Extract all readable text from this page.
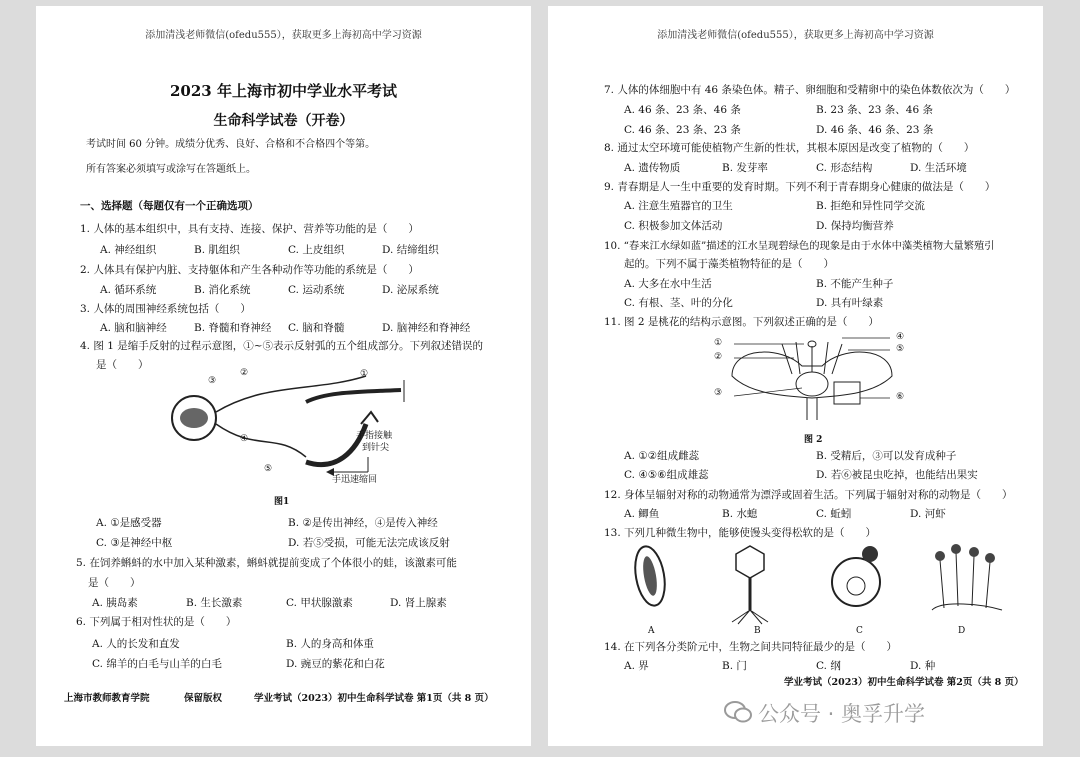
添加清浅老师微信(ofedu555），获取更多上海初高中学习资源
2023 年上海市初中学业水平考试
生命科学试卷（开卷）
考试时间 60 分钟。成绩分优秀、良好、合格和不合格四个等第。
所有答案必须填写或涂写在答题纸上。
一、选择题（每题仅有一个正确选项）
1. 人体的基本组织中，具有支持、连接、保护、营养等功能的是（　　）
A. 神经组织	B. 肌组织	C. 上皮组织	D. 结缔组织
2. 人体具有保护内脏、支持躯体和产生各种动作等功能的系统是（　　）
A. 循环系统	B. 消化系统	C. 运动系统	D. 泌尿系统
3. 人体的周围神经系统包括（　　）
A. 脑和脑神经	B. 脊髓和脊神经 C. 脑和脊髓	D. 脑神经和脊神经
4. 图 1 是缩手反射的过程示意图，①~⑤表示反射弧的五个组成部分。下列叙述错误的
是（　　）
③
②	①
④
⑤
手指接触
到针尖
手迅速缩回
图1
A. ①是感受器	B. ②是传出神经，④是传入神经
C. ③是神经中枢	D. 若⑤受损，可能无法完成该反射
5. 在饲养蝌蚪的水中加入某种激素，蝌蚪就提前变成了个体很小的蛙，该激素可能
是（　　）
A. 胰岛素	B. 生长激素	C. 甲状腺激素	D. 肾上腺素
6. 下列属于相对性状的是（　　）
A. 人的长发和直发	B. 人的身高和体重
C. 绵羊的白毛与山羊的白毛	D. 豌豆的紫花和白花
上海市教师教育学院	保留版权	学业考试（2023）初中生命科学试卷 第1页（共 8 页）
添加清浅老师微信(ofedu555），获取更多上海初高中学习资源
7. 人体的体细胞中有 46 条染色体。精子、卵细胞和受精卵中的染色体数依次为（　　）
A. 46 条、23 条、46 条	B. 23 条、23 条、46 条
C. 46 条、23 条、23 条	D. 46 条、46 条、23 条
8. 通过太空环境可能使植物产生新的性状，其根本原因是改变了植物的（　　）
A. 遗传物质	B. 发芽率	C. 形态结构	D. 生活环境
9. 青春期是人一生中重要的发育时期。下列不利于青春期身心健康的做法是（　　）
A. 注意生殖器官的卫生	B. 拒绝和异性同学交流
C. 积极参加文体活动	D. 保持均衡营养
10. “春来江水绿如蓝”描述的江水呈现碧绿色的现象是由于水体中藻类植物大量繁殖引
起的。下列不属于藻类植物特征的是（　　）
A. 大多在水中生活	B. 不能产生种子
C. 有根、茎、叶的分化	D. 具有叶绿素
11. 图 2 是桃花的结构示意图。下列叙述正确的是（　　）
④
⑤
⑥
①
②
③
图 2
A. ①②组成雌蕊	B. 受精后，③可以发育成种子
C. ④⑤⑥组成雄蕊	D. 若⑥被昆虫吃掉，也能结出果实
12. 身体呈辐射对称的动物通常为漂浮或固着生活。下列属于辐射对称的动物是（　　）
A. 鲫鱼	B. 水螅	C. 蚯蚓	D. 河虾
13. 下列几种微生物中，能够使馒头变得松软的是（　　）
A	B	C	D
14. 在下列各分类阶元中，生物之间共同特征最少的是（　　）
A. 界	B. 门	C. 纲	D. 种
学业考试（2023）初中生命科学试卷 第2页（共 8 页）
公众号 · 奥孚升学
